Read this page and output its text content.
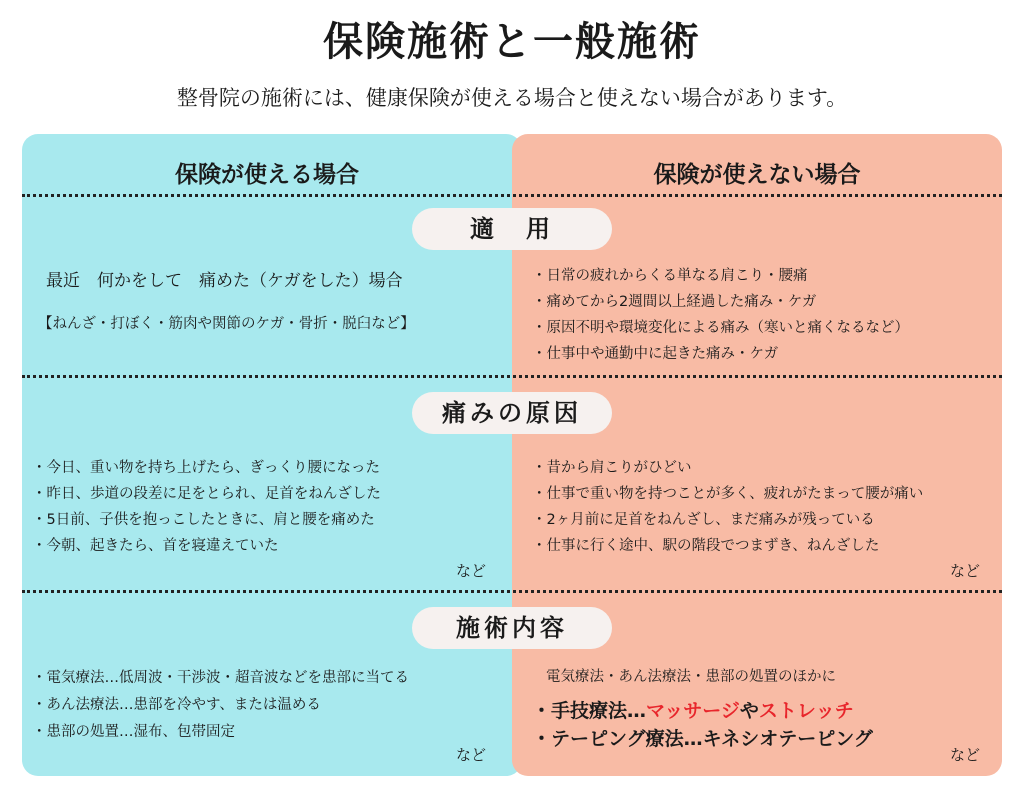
保険施術と一般施術
整骨院の施術には、健康保険が使える場合と使えない場合があります。
保険が使える場合	保険が使えない場合
適　用
最近　何かをして　痛めた（ケガをした）場合
【ねんざ・打ぼく・筋肉や関節のケガ・骨折・脱臼など】
・日常の疲れからくる単なる肩こり・腰痛
・痛めてから2週間以上経過した痛み・ケガ
・原因不明や環境変化による痛み（寒いと痛くなるなど）
・仕事中や通勤中に起きた痛み・ケガ
痛みの原因
・今日、重い物を持ち上げたら、ぎっくり腰になった
・昨日、歩道の段差に足をとられ、足首をねんざした
・5日前、子供を抱っこしたときに、肩と腰を痛めた
・今朝、起きたら、首を寝違えていた
など
・昔から肩こりがひどい
・仕事で重い物を持つことが多く、疲れがたまって腰が痛い
・2ヶ月前に足首をねんざし、まだ痛みが残っている
・仕事に行く途中、駅の階段でつまずき、ねんざした
など
施術内容
・電気療法…低周波・干渉波・超音波などを患部に当てる
・あん法療法…患部を冷やす、または温める
・患部の処置…湿布、包帯固定
など
電気療法・あん法療法・患部の処置のほかに
・手技療法…マッサージやストレッチ
・テーピング療法…キネシオテーピング
など
